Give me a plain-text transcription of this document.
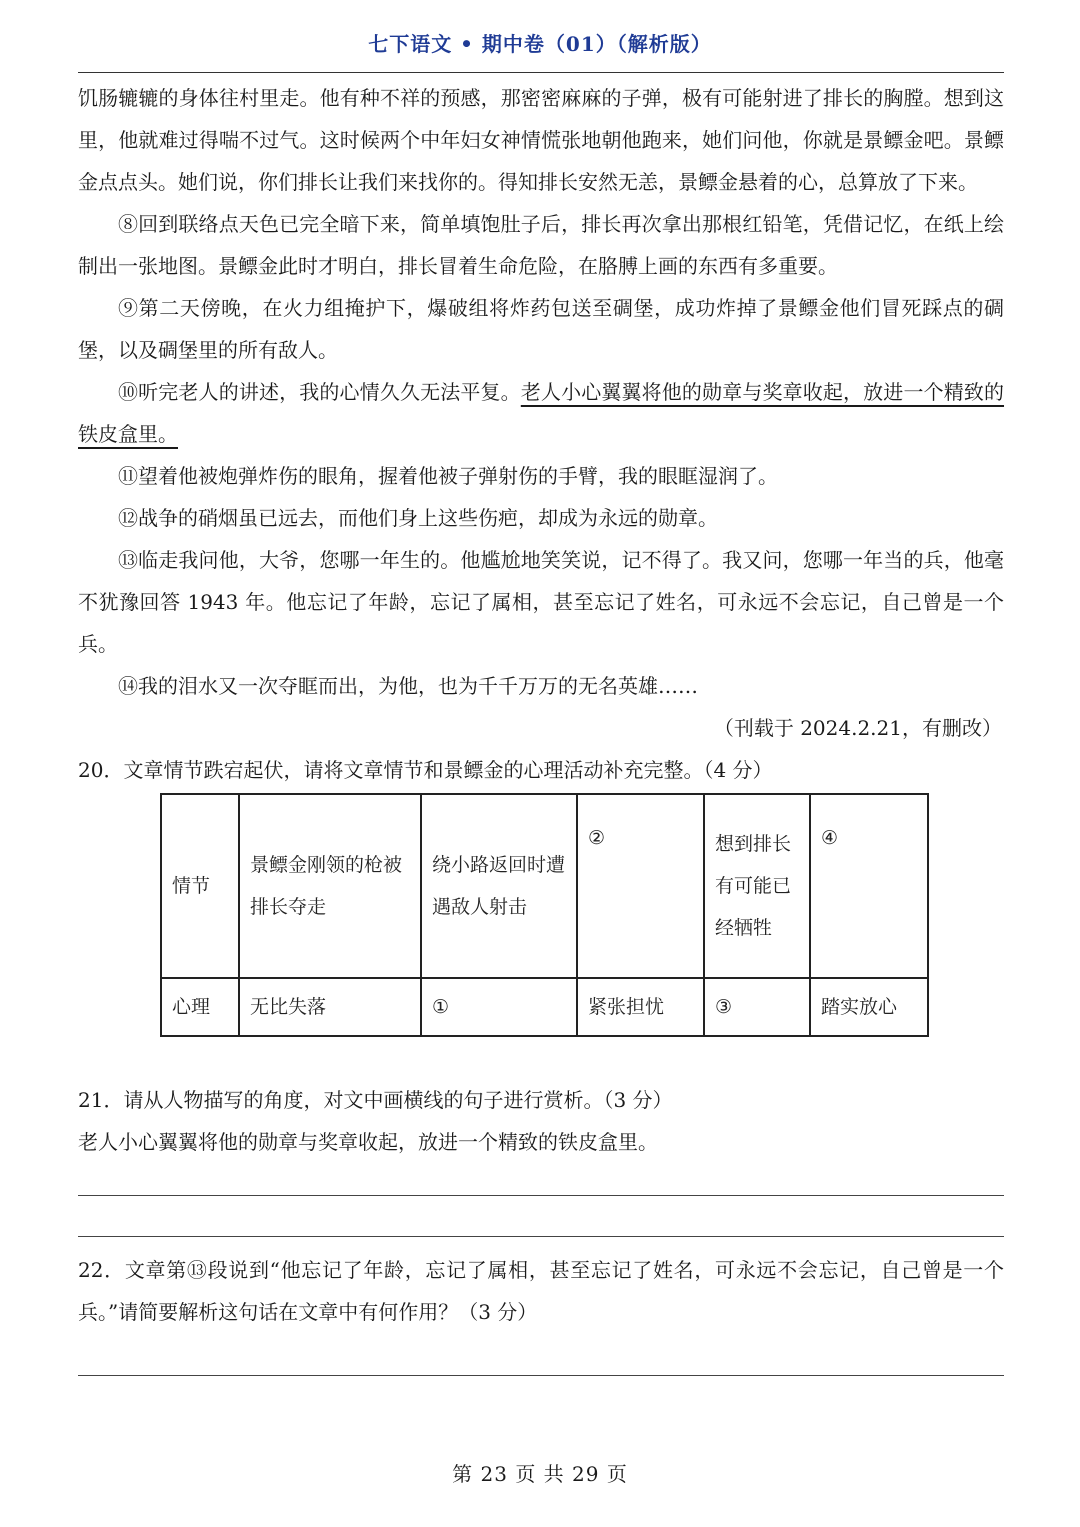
七下语文 • 期中卷（01）（解析版）

饥肠辘辘的身体往村里走。他有种不祥的预感，那密密麻麻的子弹，极有可能射进了排长的胸膛。想到这里，他就难过得喘不过气。这时候两个中年妇女神情慌张地朝他跑来，她们问他，你就是景鳔金吧。景鳔金点点头。她们说，你们排长让我们来找你的。得知排长安然无恙，景鳔金悬着的心，总算放了下来。

⑧回到联络点天色已完全暗下来，简单填饱肚子后，排长再次拿出那根红铅笔，凭借记忆，在纸上绘制出一张地图。景鳔金此时才明白，排长冒着生命危险，在胳膊上画的东西有多重要。

⑨第二天傍晚，在火力组掩护下，爆破组将炸药包送至碉堡，成功炸掉了景鳔金他们冒死踩点的碉堡，以及碉堡里的所有敌人。

⑩听完老人的讲述，我的心情久久无法平复。老人小心翼翼将他的勋章与奖章收起，放进一个精致的铁皮盒里。

⑪望着他被炮弹炸伤的眼角，握着他被子弹射伤的手臂，我的眼眶湿润了。

⑫战争的硝烟虽已远去，而他们身上这些伤疤，却成为永远的勋章。

⑬临走我问他，大爷，您哪一年生的。他尴尬地笑笑说，记不得了。我又问，您哪一年当的兵，他毫不犹豫回答 1943 年。他忘记了年龄，忘记了属相，甚至忘记了姓名，可永远不会忘记，自己曾是一个兵。

⑭我的泪水又一次夺眶而出，为他，也为千千万万的无名英雄……

（刊载于 2024.2.21，有删改）

20．文章情节跌宕起伏，请将文章情节和景鳔金的心理活动补充完整。（4 分）

情节	景鳔金刚领的枪被排长夺走	绕小路返回时遭遇敌人射击	②	想到排长有可能已经牺牲	④
心理	无比失落	①	紧张担忧	③	踏实放心

21．请从人物描写的角度，对文中画横线的句子进行赏析。（3 分）

老人小心翼翼将他的勋章与奖章收起，放进一个精致的铁皮盒里。

22．文章第⑬段说到“他忘记了年龄，忘记了属相，甚至忘记了姓名，可永远不会忘记，自己曾是一个兵。”请简要解析这句话在文章中有何作用？（3 分）

第 23 页 共 29 页
